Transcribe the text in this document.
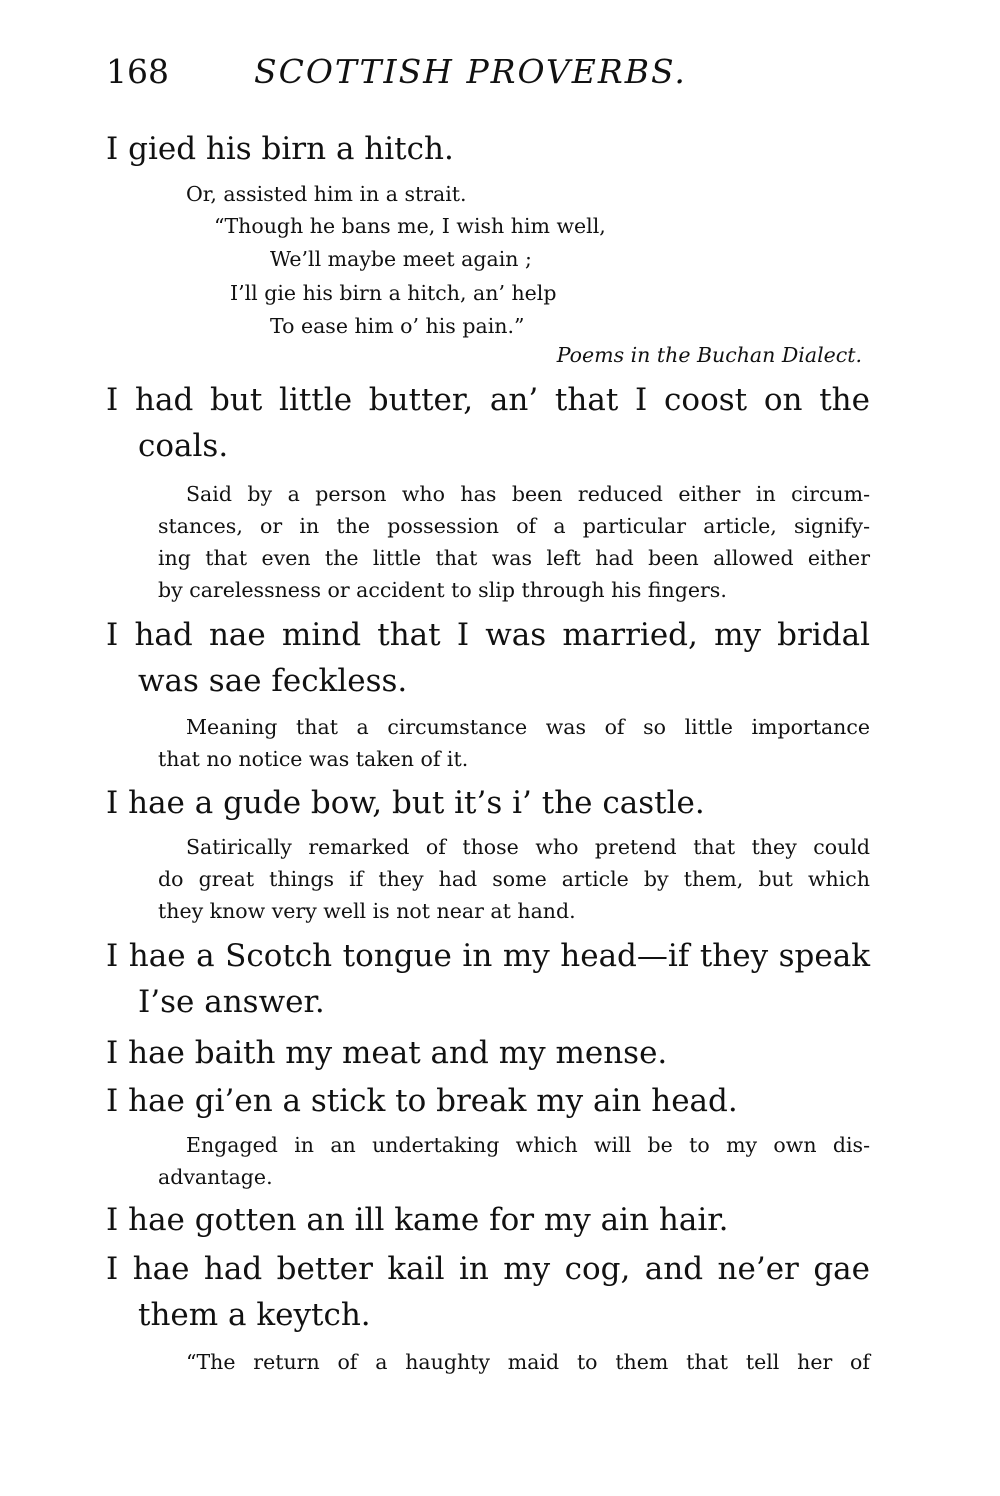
168	SCOTTISH PROVERBS.
I gied his birn a hitch.
Or, assisted him in a strait.
“Though he bans me, I wish him well,
We’ll maybe meet again ;
I’ll gie his birn a hitch, an’ help
To ease him o’ his pain.”
Poems in the Buchan Dialect.
I had but little butter, an’ that I coost on the
coals.
Said by a person who has been reduced either in circum-
stances, or in the possession of a particular article, signify-
ing that even the little that was left had been allowed either
by carelessness or accident to slip through his fingers.
I had nae mind that I was married, my bridal
was sae feckless.
Meaning that a circumstance was of so little importance
that no notice was taken of it.
I hae a gude bow, but it’s i’ the castle.
Satirically remarked of those who pretend that they could
do great things if they had some article by them, but which
they know very well is not near at hand.
I hae a Scotch tongue in my head—if they speak
I’se answer.
I hae baith my meat and my mense.
I hae gi’en a stick to break my ain head.
Engaged in an undertaking which will be to my own dis-
advantage.
I hae gotten an ill kame for my ain hair.
I hae had better kail in my cog, and ne’er gae
them a keytch.
“The return of a haughty maid to them that tell her of
